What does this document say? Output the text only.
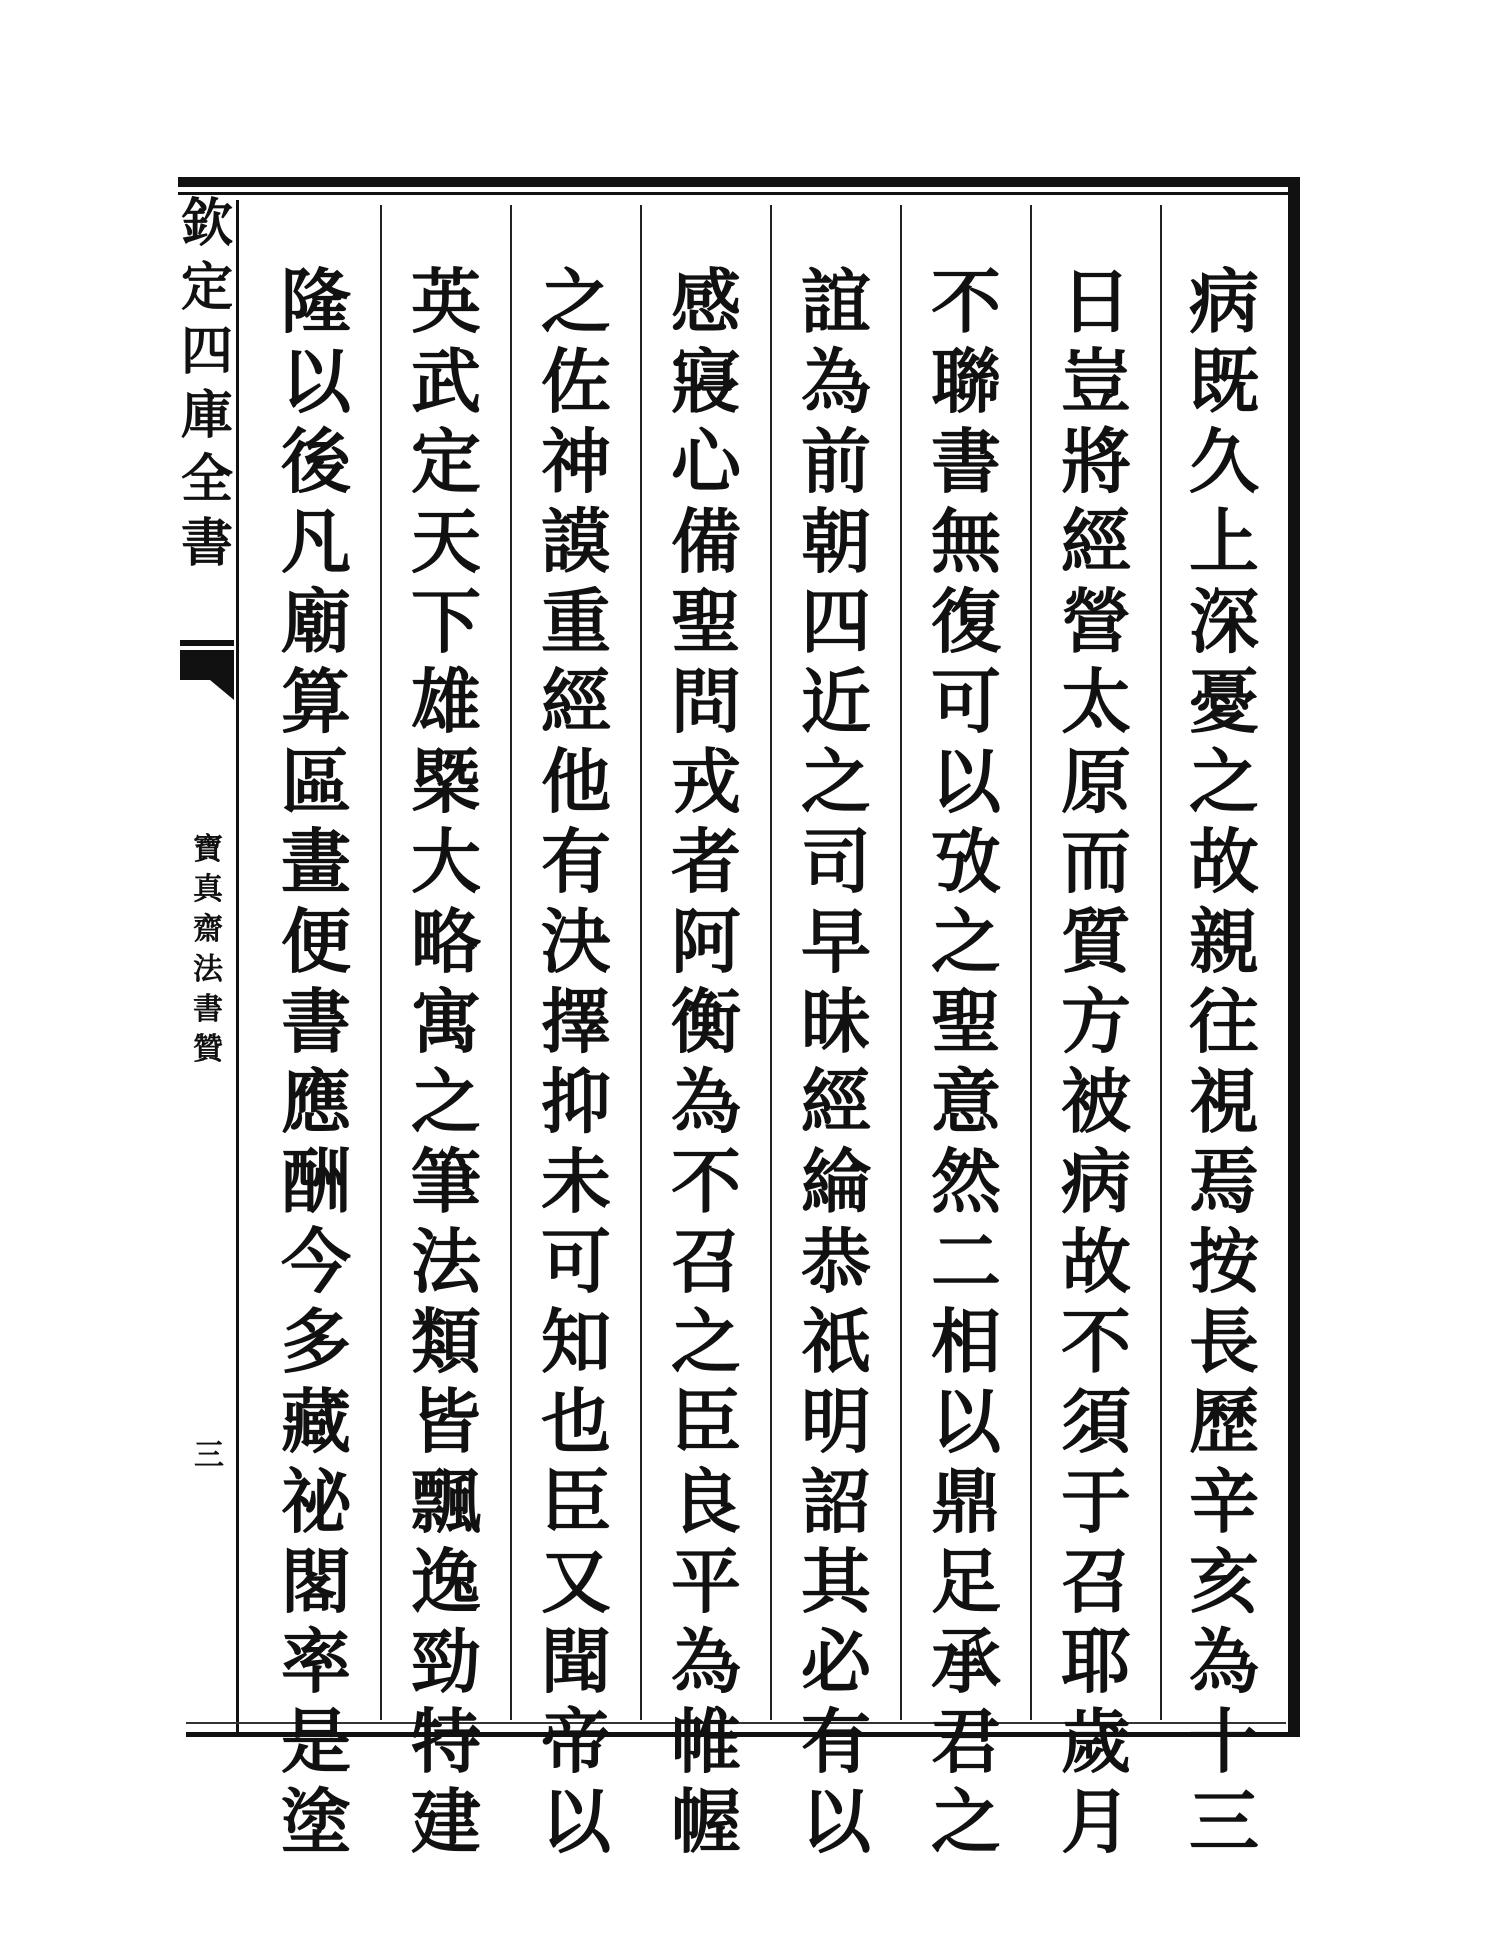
欽
定
四
庫
全
書
寶
真
齋
法
書
贊
三
病
既
久
上
深
憂
之
故
親
往
視
焉
按
長
歷
辛
亥
為
十
三
日
豈
將
經
營
太
原
而
質
方
被
病
故
不
須
于
召
耶
歲
月
不
聯
書
無
復
可
以
攷
之
聖
意
然
二
相
以
鼎
足
承
君
之
誼
為
前
朝
四
近
之
司
早
昧
經
綸
恭
祇
明
詔
其
必
有
以
感
寢
心
備
聖
問
戎
者
阿
衡
為
不
召
之
臣
良
平
為
帷
幄
之
佐
神
謨
重
經
他
有
決
擇
抑
未
可
知
也
臣
又
聞
帝
以
英
武
定
天
下
雄
槩
大
略
寓
之
筆
法
類
皆
飄
逸
勁
特
建
隆
以
後
凡
廟
算
區
畫
便
書
應
酬
今
多
藏
祕
閣
率
是
塗
